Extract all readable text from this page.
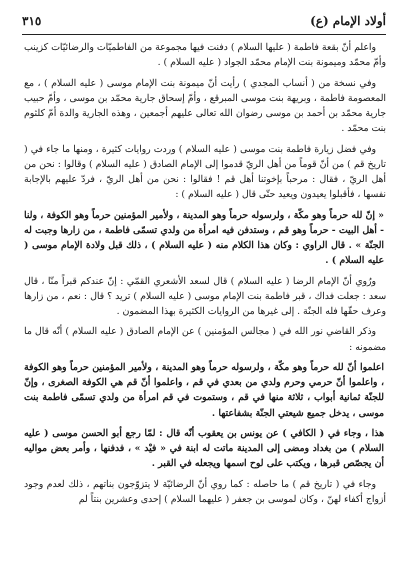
أولاد الإمام (ع)
٣١٥

واعلم أنّ بقعة فاطمة ( عليها السلام ) دفنت فيها مجموعة من الفاطميّات والرضائيّات كزينب وأمّ محمّد وميمونة بنت الإمام محمّد الجواد ( عليه السلام ) .

وفي نسخة من ( أنساب المجدي ) رأيت أنّ ميمونة بنت الإمام موسى ( عليه السلام ) ، مع المعصومة فاطمة ، وبريهة بنت موسى المبرقع ، وأمّ إسحاق جارية محمّد بن موسى ، وأمّ حبيب جارية محمّد بن أحمد بن موسى رضوان الله تعالى عليهم أجمعين ، وهذه الجارية والدة أمّ كلثوم بنت محمّد .

وفي فضل زيارة فاطمة بنت موسى ( عليه السلام ) وردت روايات كثيرة ، ومنها ما جاء في ( تاريخ قم ) من أنّ قوماً من أهل الريّ قدموا إلى الإمام الصادق ( عليه السلام ) وقالوا : نحن من أهل الريّ ، فقال : مرحباً بإخوتنا أهل قم ! فقالوا : نحن من أهل الريّ ، فردّ عليهم بالإجابة نفسها ، فأقبلوا يعيدون ويعيد حتّى قال ( عليه السلام ) :

« إنّ لله حرماً وهو مكّة ، ولرسوله حرماً وهو المدينة ، ولأمير المؤمنين حرماً وهو الكوفة ، ولنا - أهل البيت - حرماً وهو قم ، وستدفن فيه امرأة من ولدي تسمّى فاطمة ، من زارها وجبت له الجنّة » . قال الراوي : وكان هذا الكلام منه ( عليه السلام ) ، ذلك قبل ولادة الإمام موسى ( عليه السلام ) .

ورُوي أنّ الإمام الرضا ( عليه السلام ) قال لسعد الأشعري القمّي : إنّ عندكم قبراً منّا ، قال سعد : جعلت فداك ، قبر فاطمة بنت الإمام موسى ( عليه السلام ) تريد ؟ قال : نعم ، من زارها وعرف حقّها فله الجنّة . إلى غيرها من الروايات الكثيرة بهذا المضمون .

وذكر القاضي نور الله في ( مجالس المؤمنين ) عن الإمام الصادق ( عليه السلام ) أنّه قال ما مضمونه :

اعلموا أنّ لله حرماً وهو مكّة ، ولرسوله حرماً وهو المدينة ، ولأمير المؤمنين حرماً وهو الكوفة ، واعلموا أنّ حرمي وحرم ولدي من بعدي في قم ، واعلموا أنّ قم هي الكوفة الصغرى ، وإنّ للجنّة ثمانية أبواب ، ثلاثة منها في قم ، وستموت في قم امرأة من ولدي تسمّى فاطمة بنت موسى ، يدخل جميع شيعتي الجنّة بشفاعتها .

هذا ، وجاء في ( الكافي ) عن يونس بن يعقوب أنّه قال : لمّا رجع أبو الحسن موسى ( عليه السلام ) من بغداد ومضى إلى المدينة ماتت له ابنة في « فيْد » ، فدفنها ، وأمر بعض مواليه أن يجصّص قبرها ، ويكتب على لوح اسمها ويجعله في القبر .

وجاء في ( تاريخ قم ) ما حاصله : كما روي أنّ الرضائيّة لا يتزوّجون بناتهم ، ذلك لعدم وجود أزواج أكفاء لهنّ ، وكان لموسى بن جعفر ( عليهما السلام ) إحدى وعشرين بنتاً لم
